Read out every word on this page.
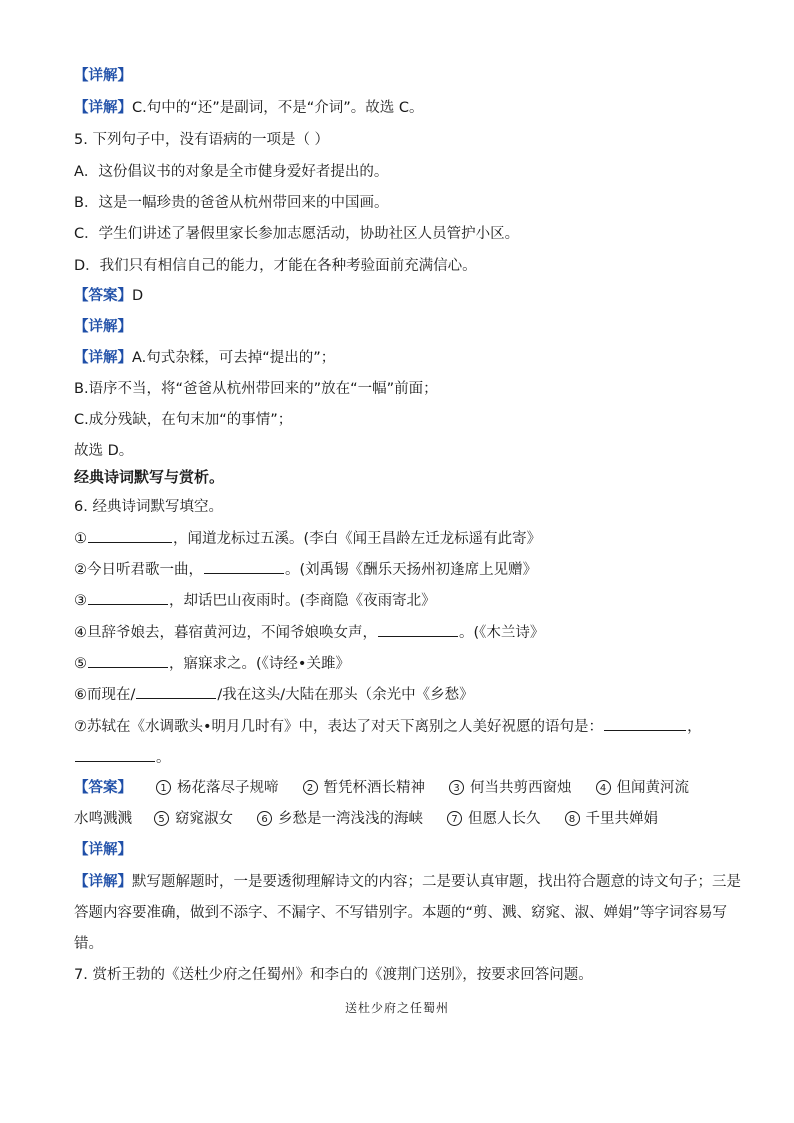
【详解】
【详解】C.句中的“还”是副词，不是“介词”。故选 C。
5. 下列句子中，没有语病的一项是（ ）
A．这份倡议书的对象是全市健身爱好者提出的。
B．这是一幅珍贵的爸爸从杭州带回来的中国画。
C．学生们讲述了暑假里家长参加志愿活动，协助社区人员管护小区。
D．我们只有相信自己的能力，才能在各种考验面前充满信心。
【答案】D
【详解】
【详解】A.句式杂糅，可去掉“提出的”；
B.语序不当，将“爸爸从杭州带回来的”放在“一幅”前面；
C.成分残缺，在句末加“的事情”；
故选 D。
经典诗词默写与赏析。
6. 经典诗词默写填空。
①	，闻道龙标过五溪。(李白《闻王昌龄左迁龙标遥有此寄》
②今日听君歌一曲，	。(刘禹锡《酬乐天扬州初逢席上见赠》
③	，却话巴山夜雨时。(李商隐《夜雨寄北》
④旦辞爷娘去，暮宿黄河边，不闻爷娘唤女声，	。(《木兰诗》
⑤	，寤寐求之。(《诗经•关雎》
⑥而现在/	/我在这头/大陆在那头（余光中《乡愁》
⑦苏轼在《水调歌头•明月几时有》中，表达了对天下离别之人美好祝愿的语句是：	，
。
【答案】	1 杨花落尽子规啼	2 暂凭杯酒长精神	3 何当共剪西窗烛	4 但闻黄河流
水鸣溅溅	5 窈窕淑女	6 乡愁是一湾浅浅的海峡	7 但愿人长久	8 千里共婵娟
【详解】
【详解】默写题解题时，一是要透彻理解诗文的内容；二是要认真审题，找出符合题意的诗文句子；三是
答题内容要准确，做到不添字、不漏字、不写错别字。本题的“剪、溅、窈窕、淑、婵娟”等字词容易写
错。
7. 赏析王勃的《送杜少府之任蜀州》和李白的《渡荆门送别》，按要求回答问题。
送杜少府之任蜀州
